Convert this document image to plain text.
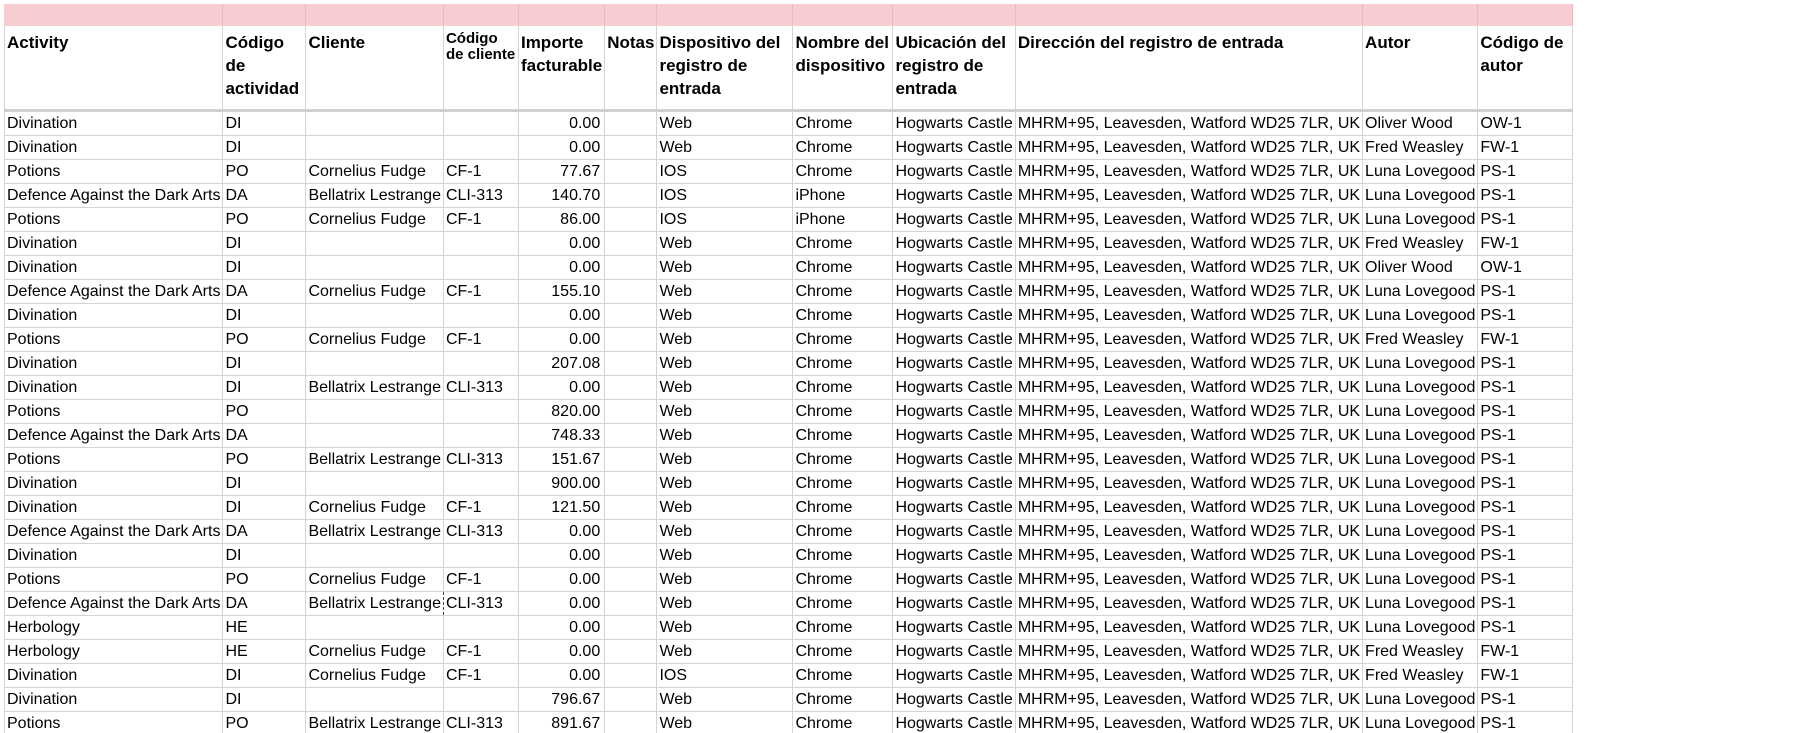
Activity	Código de actividad	Cliente	Código de cliente	Importe facturable	Notas	Dispositivo del registro de entrada	Nombre del dispositivo	Ubicación del registro de entrada	Dirección del registro de entrada	Autor	Código de autor
Divination	DI			0.00		Web	Chrome	Hogwarts Castle	MHRM+95, Leavesden, Watford WD25 7LR, UK	Oliver Wood	OW-1
Divination	DI			0.00		Web	Chrome	Hogwarts Castle	MHRM+95, Leavesden, Watford WD25 7LR, UK	Fred Weasley	FW-1
Potions	PO	Cornelius Fudge	CF-1	77.67		IOS	Chrome	Hogwarts Castle	MHRM+95, Leavesden, Watford WD25 7LR, UK	Luna Lovegood	PS-1
Defence Against the Dark Arts	DA	Bellatrix Lestrange	CLI-313	140.70		IOS	iPhone	Hogwarts Castle	MHRM+95, Leavesden, Watford WD25 7LR, UK	Luna Lovegood	PS-1
Potions	PO	Cornelius Fudge	CF-1	86.00		IOS	iPhone	Hogwarts Castle	MHRM+95, Leavesden, Watford WD25 7LR, UK	Luna Lovegood	PS-1
Divination	DI			0.00		Web	Chrome	Hogwarts Castle	MHRM+95, Leavesden, Watford WD25 7LR, UK	Fred Weasley	FW-1
Divination	DI			0.00		Web	Chrome	Hogwarts Castle	MHRM+95, Leavesden, Watford WD25 7LR, UK	Oliver Wood	OW-1
Defence Against the Dark Arts	DA	Cornelius Fudge	CF-1	155.10		Web	Chrome	Hogwarts Castle	MHRM+95, Leavesden, Watford WD25 7LR, UK	Luna Lovegood	PS-1
Divination	DI			0.00		Web	Chrome	Hogwarts Castle	MHRM+95, Leavesden, Watford WD25 7LR, UK	Luna Lovegood	PS-1
Potions	PO	Cornelius Fudge	CF-1	0.00		Web	Chrome	Hogwarts Castle	MHRM+95, Leavesden, Watford WD25 7LR, UK	Fred Weasley	FW-1
Divination	DI			207.08		Web	Chrome	Hogwarts Castle	MHRM+95, Leavesden, Watford WD25 7LR, UK	Luna Lovegood	PS-1
Divination	DI	Bellatrix Lestrange	CLI-313	0.00		Web	Chrome	Hogwarts Castle	MHRM+95, Leavesden, Watford WD25 7LR, UK	Luna Lovegood	PS-1
Potions	PO			820.00		Web	Chrome	Hogwarts Castle	MHRM+95, Leavesden, Watford WD25 7LR, UK	Luna Lovegood	PS-1
Defence Against the Dark Arts	DA			748.33		Web	Chrome	Hogwarts Castle	MHRM+95, Leavesden, Watford WD25 7LR, UK	Luna Lovegood	PS-1
Potions	PO	Bellatrix Lestrange	CLI-313	151.67		Web	Chrome	Hogwarts Castle	MHRM+95, Leavesden, Watford WD25 7LR, UK	Luna Lovegood	PS-1
Divination	DI			900.00		Web	Chrome	Hogwarts Castle	MHRM+95, Leavesden, Watford WD25 7LR, UK	Luna Lovegood	PS-1
Divination	DI	Cornelius Fudge	CF-1	121.50		Web	Chrome	Hogwarts Castle	MHRM+95, Leavesden, Watford WD25 7LR, UK	Luna Lovegood	PS-1
Defence Against the Dark Arts	DA	Bellatrix Lestrange	CLI-313	0.00		Web	Chrome	Hogwarts Castle	MHRM+95, Leavesden, Watford WD25 7LR, UK	Luna Lovegood	PS-1
Divination	DI			0.00		Web	Chrome	Hogwarts Castle	MHRM+95, Leavesden, Watford WD25 7LR, UK	Luna Lovegood	PS-1
Potions	PO	Cornelius Fudge	CF-1	0.00		Web	Chrome	Hogwarts Castle	MHRM+95, Leavesden, Watford WD25 7LR, UK	Luna Lovegood	PS-1
Defence Against the Dark Arts	DA	Bellatrix Lestrange	CLI-313	0.00		Web	Chrome	Hogwarts Castle	MHRM+95, Leavesden, Watford WD25 7LR, UK	Luna Lovegood	PS-1
Herbology	HE			0.00		Web	Chrome	Hogwarts Castle	MHRM+95, Leavesden, Watford WD25 7LR, UK	Luna Lovegood	PS-1
Herbology	HE	Cornelius Fudge	CF-1	0.00		Web	Chrome	Hogwarts Castle	MHRM+95, Leavesden, Watford WD25 7LR, UK	Fred Weasley	FW-1
Divination	DI	Cornelius Fudge	CF-1	0.00		IOS	Chrome	Hogwarts Castle	MHRM+95, Leavesden, Watford WD25 7LR, UK	Fred Weasley	FW-1
Divination	DI			796.67		Web	Chrome	Hogwarts Castle	MHRM+95, Leavesden, Watford WD25 7LR, UK	Luna Lovegood	PS-1
Potions	PO	Bellatrix Lestrange	CLI-313	891.67		Web	Chrome	Hogwarts Castle	MHRM+95, Leavesden, Watford WD25 7LR, UK	Luna Lovegood	PS-1
